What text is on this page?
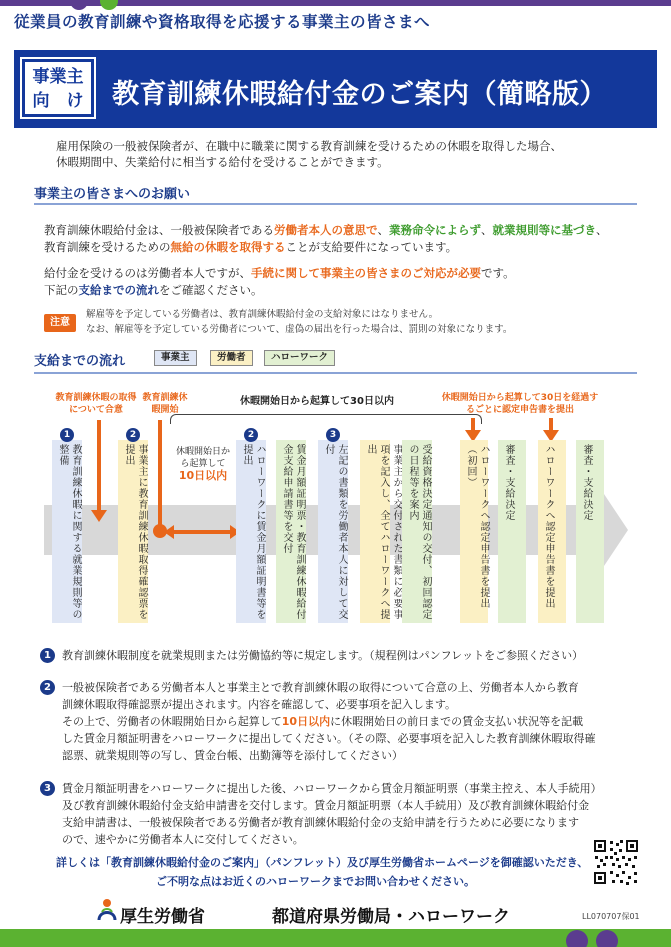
従業員の教育訓練や資格取得を応援する事業主の皆さまへ
事業主
向　け 教育訓練休暇給付金のご案内（簡略版）
雇用保険の一般被保険者が、在職中に職業に関する教育訓練を受けるための休暇を取得した場合、
休暇期間中、失業給付に相当する給付を受けることができます。
事業主の皆さまへのお願い
教育訓練休暇給付金は、一般被保険者である労働者本人の意思で、業務命令によらず、就業規則等に基づき、
教育訓練を受けるための無給の休暇を取得することが支給要件になっています。
給付金を受けるのは労働者本人ですが、手続に関して事業主の皆さまのご対応が必要です。
下記の支給までの流れをご確認ください。
注意
解雇等を予定している労働者は、教育訓練休暇給付金の支給対象にはなりません。
なお、解雇等を予定している労働者について、虚偽の届出を行った場合は、罰則の対象になります。
支給までの流れ	事業主	労働者	ハローワーク
教育訓練休暇の取得について合意
教育訓練休暇開始
休暇開始日から起算して30日以内	休暇開始日から起算して30日を経過するごとに認定申告書を提出
休暇開始日から起算して
10日以内
1
教育訓練休暇に関する就業規則等の整備
2
事業主に教育訓練休暇取得確認票を提出
2
ハローワークに賃金月額証明書等を提出	賃金月額証明票・教育訓練休暇給付金支給申請書等を交付
3
左記の書類を労働者本人に対して交付	事業主から交付された書類に必要事項を記入し、全てハローワークへ提出	受給資格決定通知の交付、初回認定の日程等を案内	ハローワークへ認定申告書を提出（初回）	審査・支給決定	ハローワークへ認定申告書を提出	審査・支給決定
1	教育訓練休暇制度を就業規則または労働協約等に規定します。（規程例はパンフレットをご参照ください）
2	一般被保険者である労働者本人と事業主とで教育訓練休暇の取得について合意の上、労働者本人から教育
訓練休暇取得確認票が提出されます。内容を確認して、必要事項を記入します。
その上で、労働者の休暇開始日から起算して10日以内に休暇開始日の前日までの賃金支払い状況等を記載
した賃金月額証明書をハローワークに提出してください。（その際、必要事項を記入した教育訓練休暇取得確
認票、就業規則等の写し、賃金台帳、出勤簿等を添付してください）
3	賃金月額証明書をハローワークに提出した後、ハローワークから賃金月額証明票（事業主控え、本人手続用）
及び教育訓練休暇給付金支給申請書を交付します。賃金月額証明票（本人手続用）及び教育訓練休暇給付金
支給申請書は、一般被保険者である労働者が教育訓練休暇給付金の支給申請を行うために必要になります
ので、速やかに労働者本人に交付してください。
詳しくは「教育訓練休暇給付金のご案内」（パンフレット）及び厚生労働省ホームページを御確認いただき、
ご不明な点はお近くのハローワークまでお問い合わせください。
厚生労働省	都道府県労働局・ハローワーク	LL070707保01
